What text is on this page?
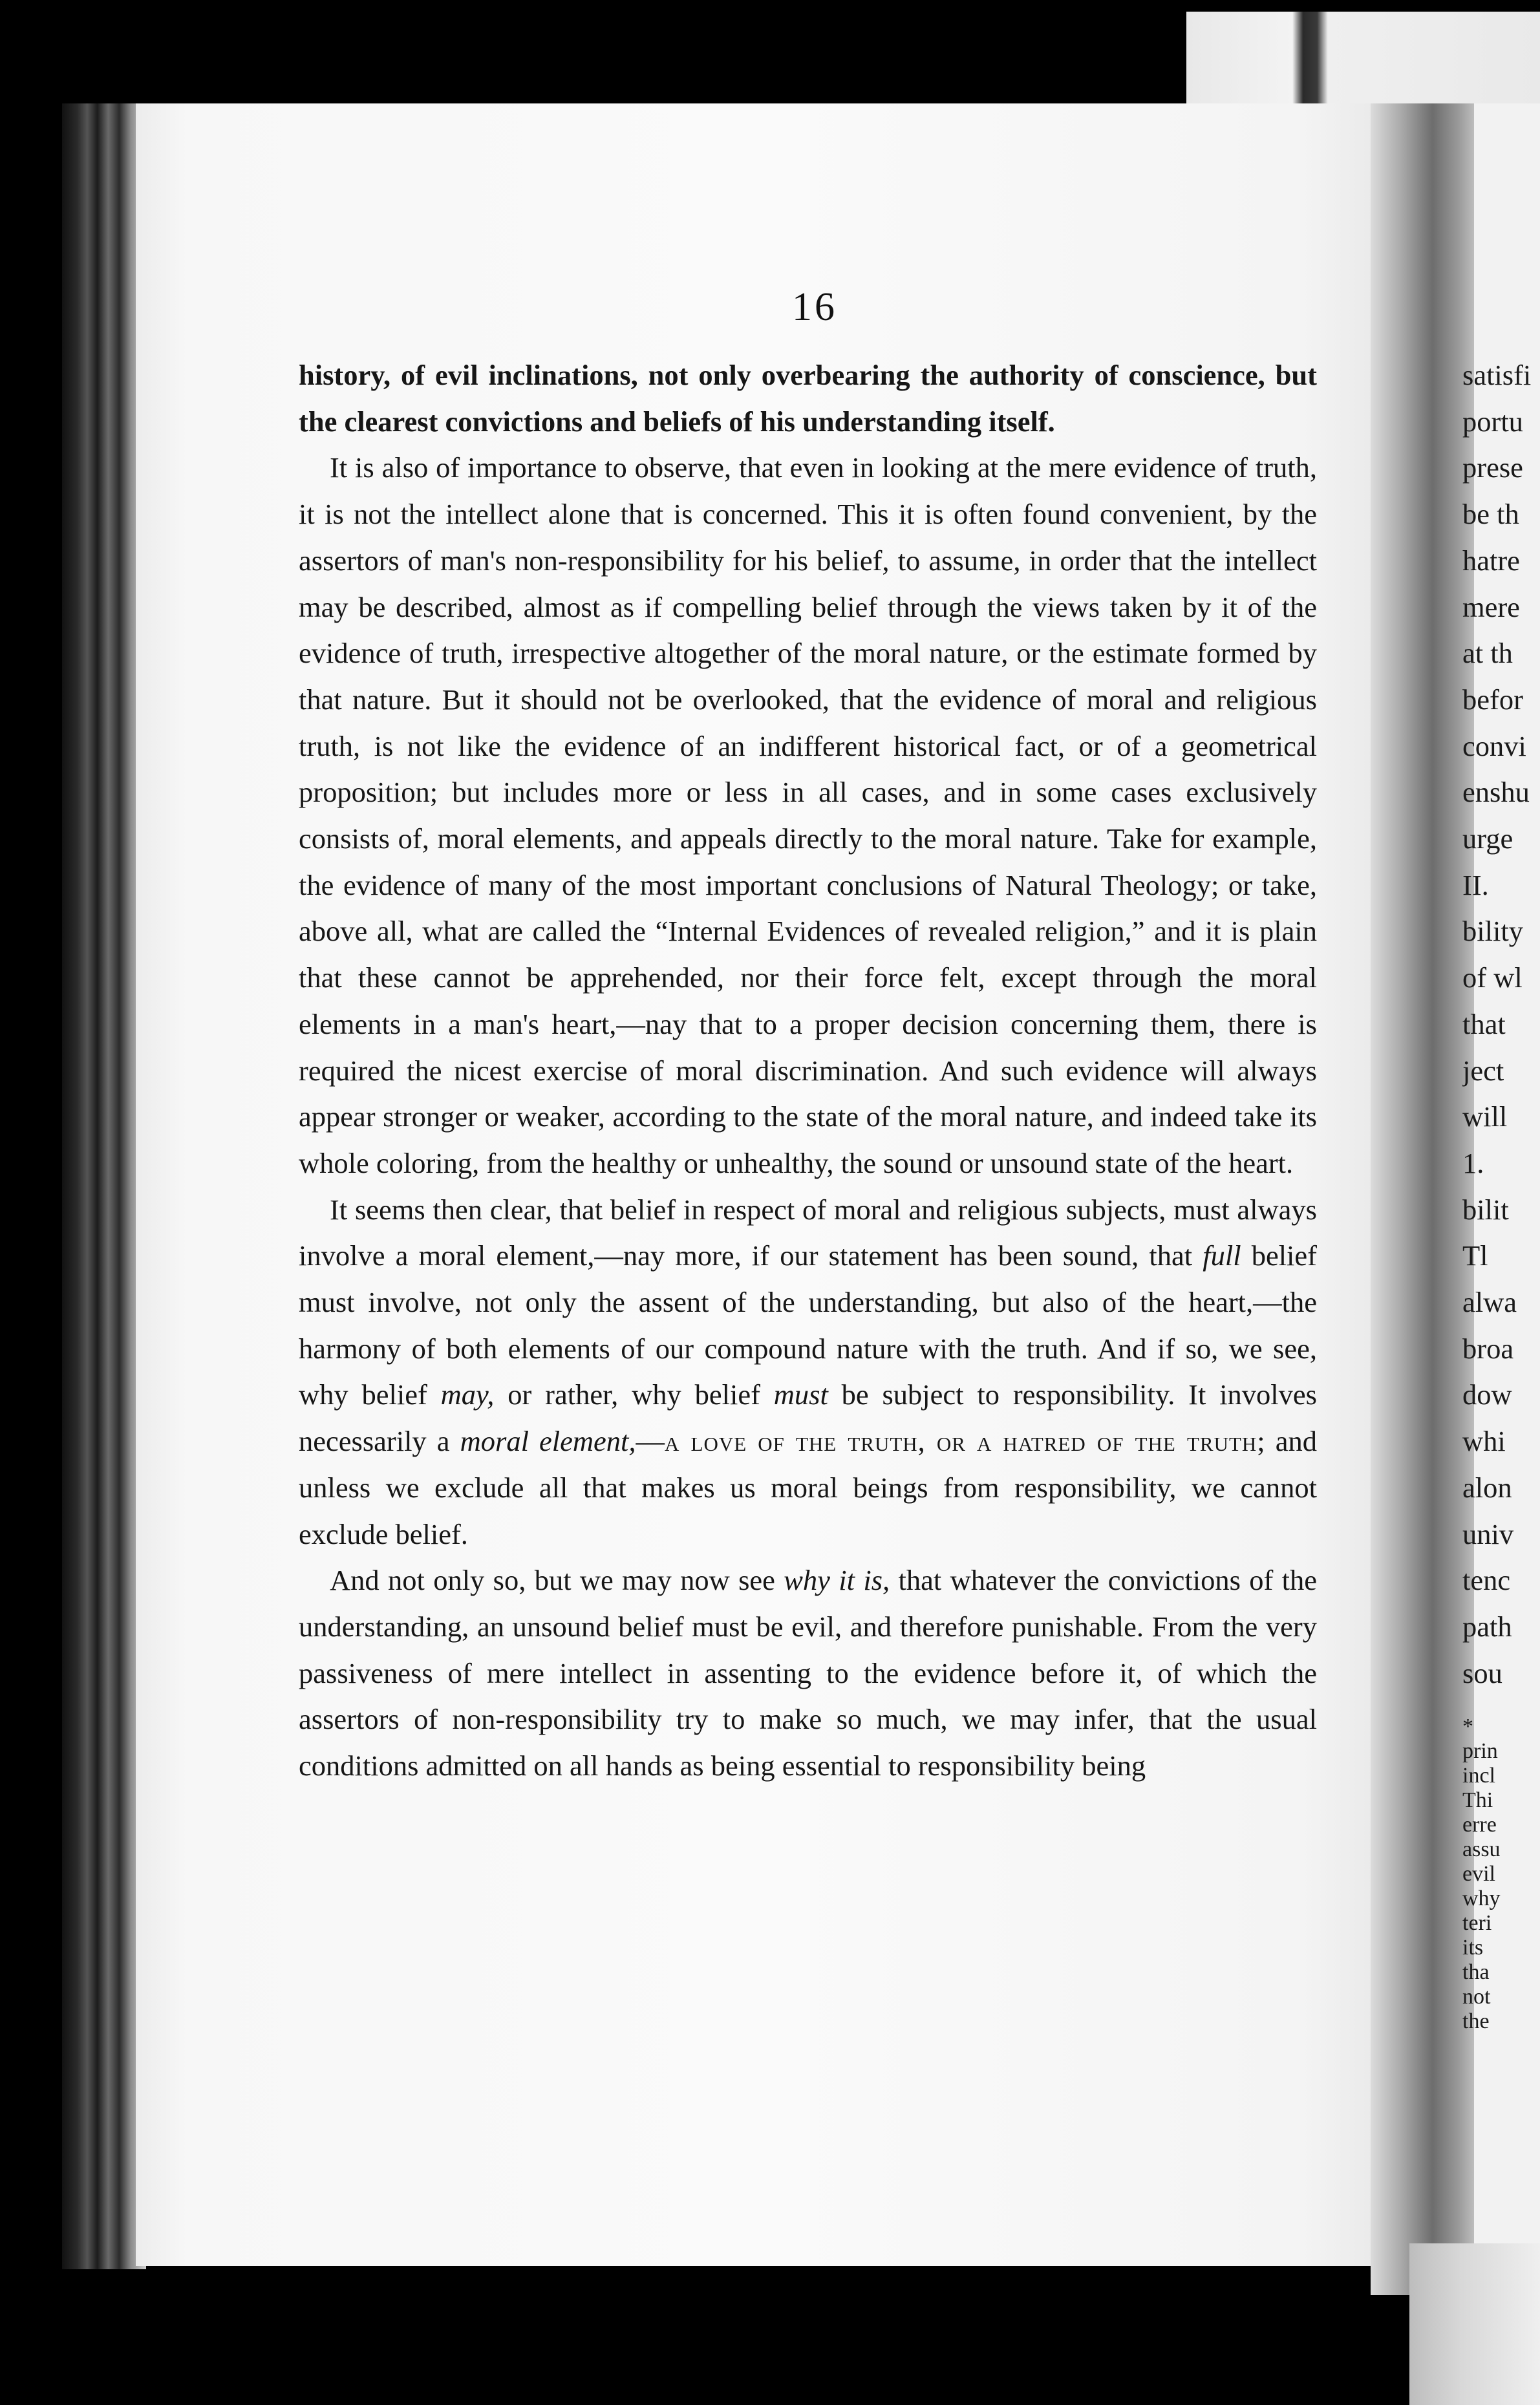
16

history, of evil inclinations, not only overbearing the authority of conscience, but the clearest convictions and beliefs of his understanding itself.

It is also of importance to observe, that even in looking at the mere evidence of truth, it is not the intellect alone that is concerned. This it is often found convenient, by the assertors of man's non-responsibility for his belief, to assume, in order that the intellect may be described, almost as if compelling belief through the views taken by it of the evidence of truth, irrespective altogether of the moral nature, or the estimate formed by that nature. But it should not be overlooked, that the evidence of moral and religious truth, is not like the evidence of an indifferent historical fact, or of a geometrical proposition; but includes more or less in all cases, and in some cases exclusively consists of, moral elements, and appeals directly to the moral nature. Take for example, the evidence of many of the most important conclusions of Natural Theology; or take, above all, what are called the “Internal Evidences of revealed religion,” and it is plain that these cannot be apprehended, nor their force felt, except through the moral elements in a man's heart,—nay that to a proper decision concerning them, there is required the nicest exercise of moral discrimination. And such evidence will always appear stronger or weaker, according to the state of the moral nature, and indeed take its whole coloring, from the healthy or unhealthy, the sound or unsound state of the heart.

It seems then clear, that belief in respect of moral and religious subjects, must always involve a moral element,—nay more, if our statement has been sound, that full belief must involve, not only the assent of the understanding, but also of the heart,—the harmony of both elements of our compound nature with the truth. And if so, we see, why belief may, or rather, why belief must be subject to responsibility. It involves necessarily a moral element,—a love of the truth, or a hatred of the truth; and unless we exclude all that makes us moral beings from responsibility, we cannot exclude belief.

And not only so, but we may now see why it is, that whatever the convictions of the understanding, an unsound belief must be evil, and therefore punishable. From the very passiveness of mere intellect in assenting to the evidence before it, of which the assertors of non-responsibility try to make so much, we may infer, that the usual conditions admitted on all hands as being essential to responsibility being

satisfi
portu
prese
be th
hatre
mere
at th
befor
convi
enshu
urge
II.
bility
of wl
that
ject
will
1.
bilit
Tl
alwa
broa
dow
whi
alon
univ
tenc
path
sou
*
prin
incl
Thi
erre
assu
evil
why
teri
its
tha
not
the
